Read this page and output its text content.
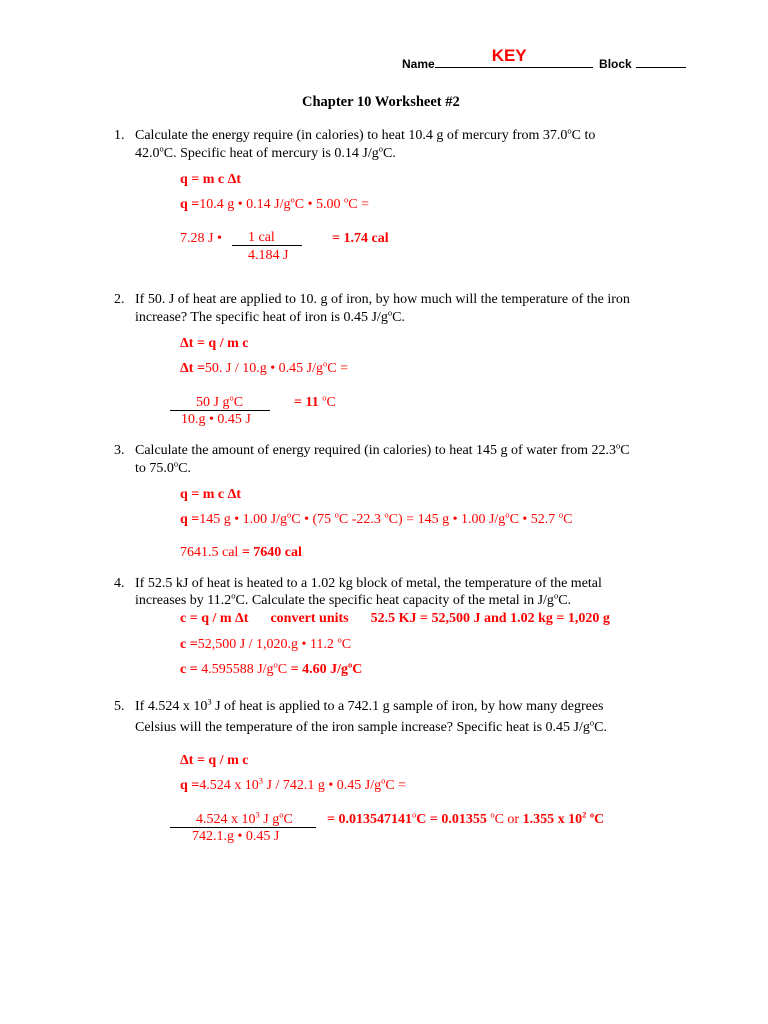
Name	KEY	Block
Chapter 10 Worksheet #2
1. Calculate the energy require (in calories) to heat 10.4 g of mercury from 37.0$^o$C to
42.0$^o$C. Specific heat of mercury is 0.14 $J/g^oC$.
q = m c Δt
q =10.4 g • 0.14 $J/g^oC$ • 5.00 $^o$C =
7.28 J • 1 cal
4.184 J
= 1.74 cal
2. If 50. J of heat are applied to 10. g of iron, by how much will the temperature of the iron
increase? The specific heat of iron is 0.45 $J/g^oC$.
Δt = q / m c
Δt =50. J / 10.g • 0.45 $J/g^oC$ =
50 J $g^oC$
10.g • 0.45 J
= 11 $^o$C
3. Calculate the amount of energy required (in calories) to heat 145 g of water from 22.3$^o$C
to 75.0$^o$C.
q = m c Δt
q =145 g • 1.00 $J/g^oC$ • (75 $^o$C -22.3 $^o$C) = 145 g • 1.00 $J/g^oC$ • 52.7 $^o$C
7641.5 cal = 7640 cal
4. If 52.5 kJ of heat is heated to a 1.02 kg block of metal, the temperature of the metal
increases by 11.2$^o$C. Calculate the specific heat capacity of the metal in $J/g^oC$.
c = q / m Δt convert units 52.5 KJ = 52,500 J and 1.02 kg = 1,020 g
c =52,500 J / 1,020.g • 11.2 $^o$C
c = 4.595588 $J/g^oC = 4.60$ $J/g^oC$
5. If 4.524 x $10^3$ J of heat is applied to a 742.1 g sample of iron, by how many degrees
Celsius will the temperature of the iron sample increase? Specific heat is 0.45 $J/g^oC$.
Δt = q / m c
q =4.524 x $10^3$ J / 742.1 g • 0.45 $J/g^oC$ =
4.524 x $10^3$ J $g^oC$
742.1.g • 0.45 J
= $0.013547141^oC = 0.01355$ $^o$C or 1.355 x $10^2$ $^o$C
